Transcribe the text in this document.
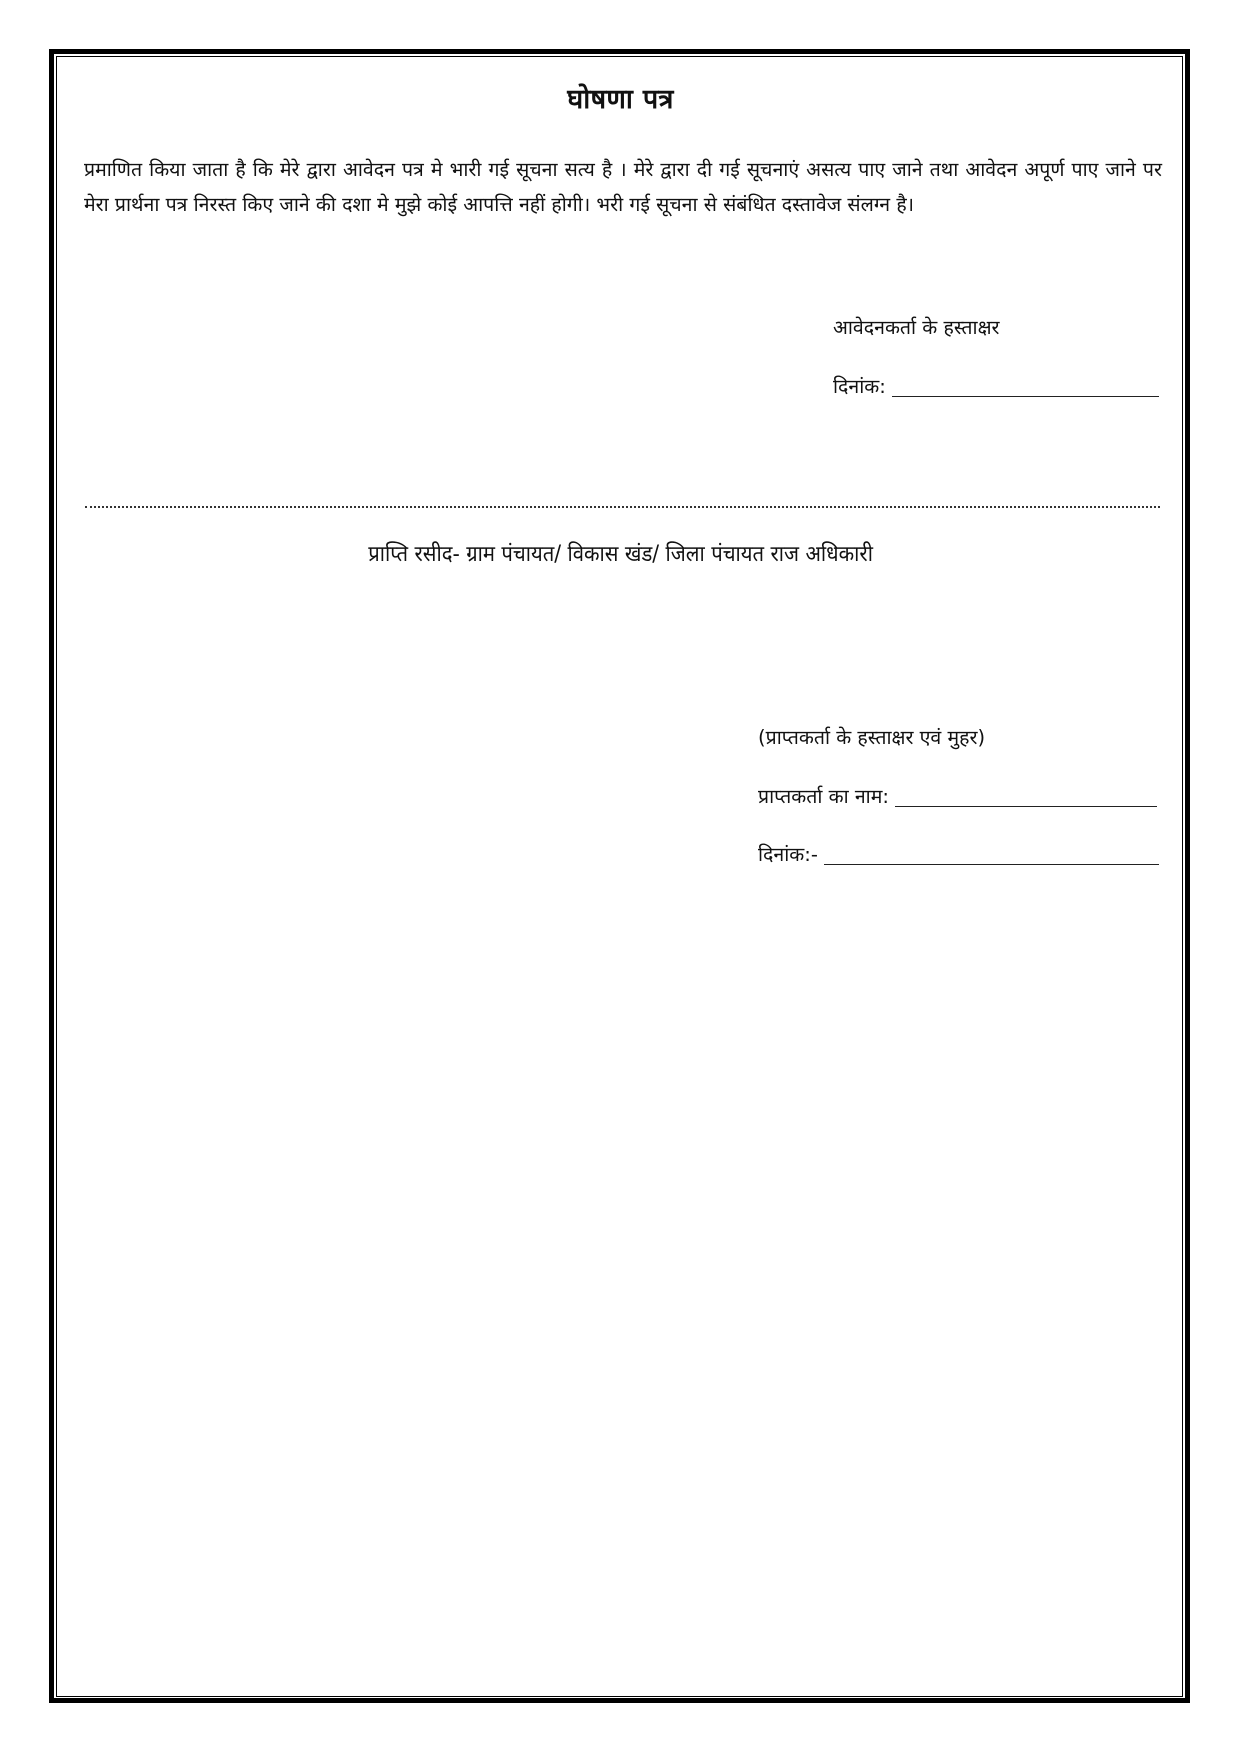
घोषणा पत्र
प्रमाणित किया जाता है कि मेरे द्वारा आवेदन पत्र मे भारी गई सूचना सत्य है । मेरे द्वारा दी गई सूचनाएं असत्य पाए जाने तथा आवेदन अपूर्ण पाए जाने पर मेरा प्रार्थना पत्र निरस्त किए जाने की दशा मे मुझे कोई आपत्ति नहीं होगी। भरी गई सूचना से संबंधित दस्तावेज संलग्न है।
आवेदनकर्ता के हस्ताक्षर
दिनांक:
प्राप्ति रसीद- ग्राम पंचायत/ विकास खंड/ जिला पंचायत राज अधिकारी
(प्राप्तकर्ता के हस्ताक्षर एवं मुहर)
प्राप्तकर्ता का नाम:
दिनांक:-
